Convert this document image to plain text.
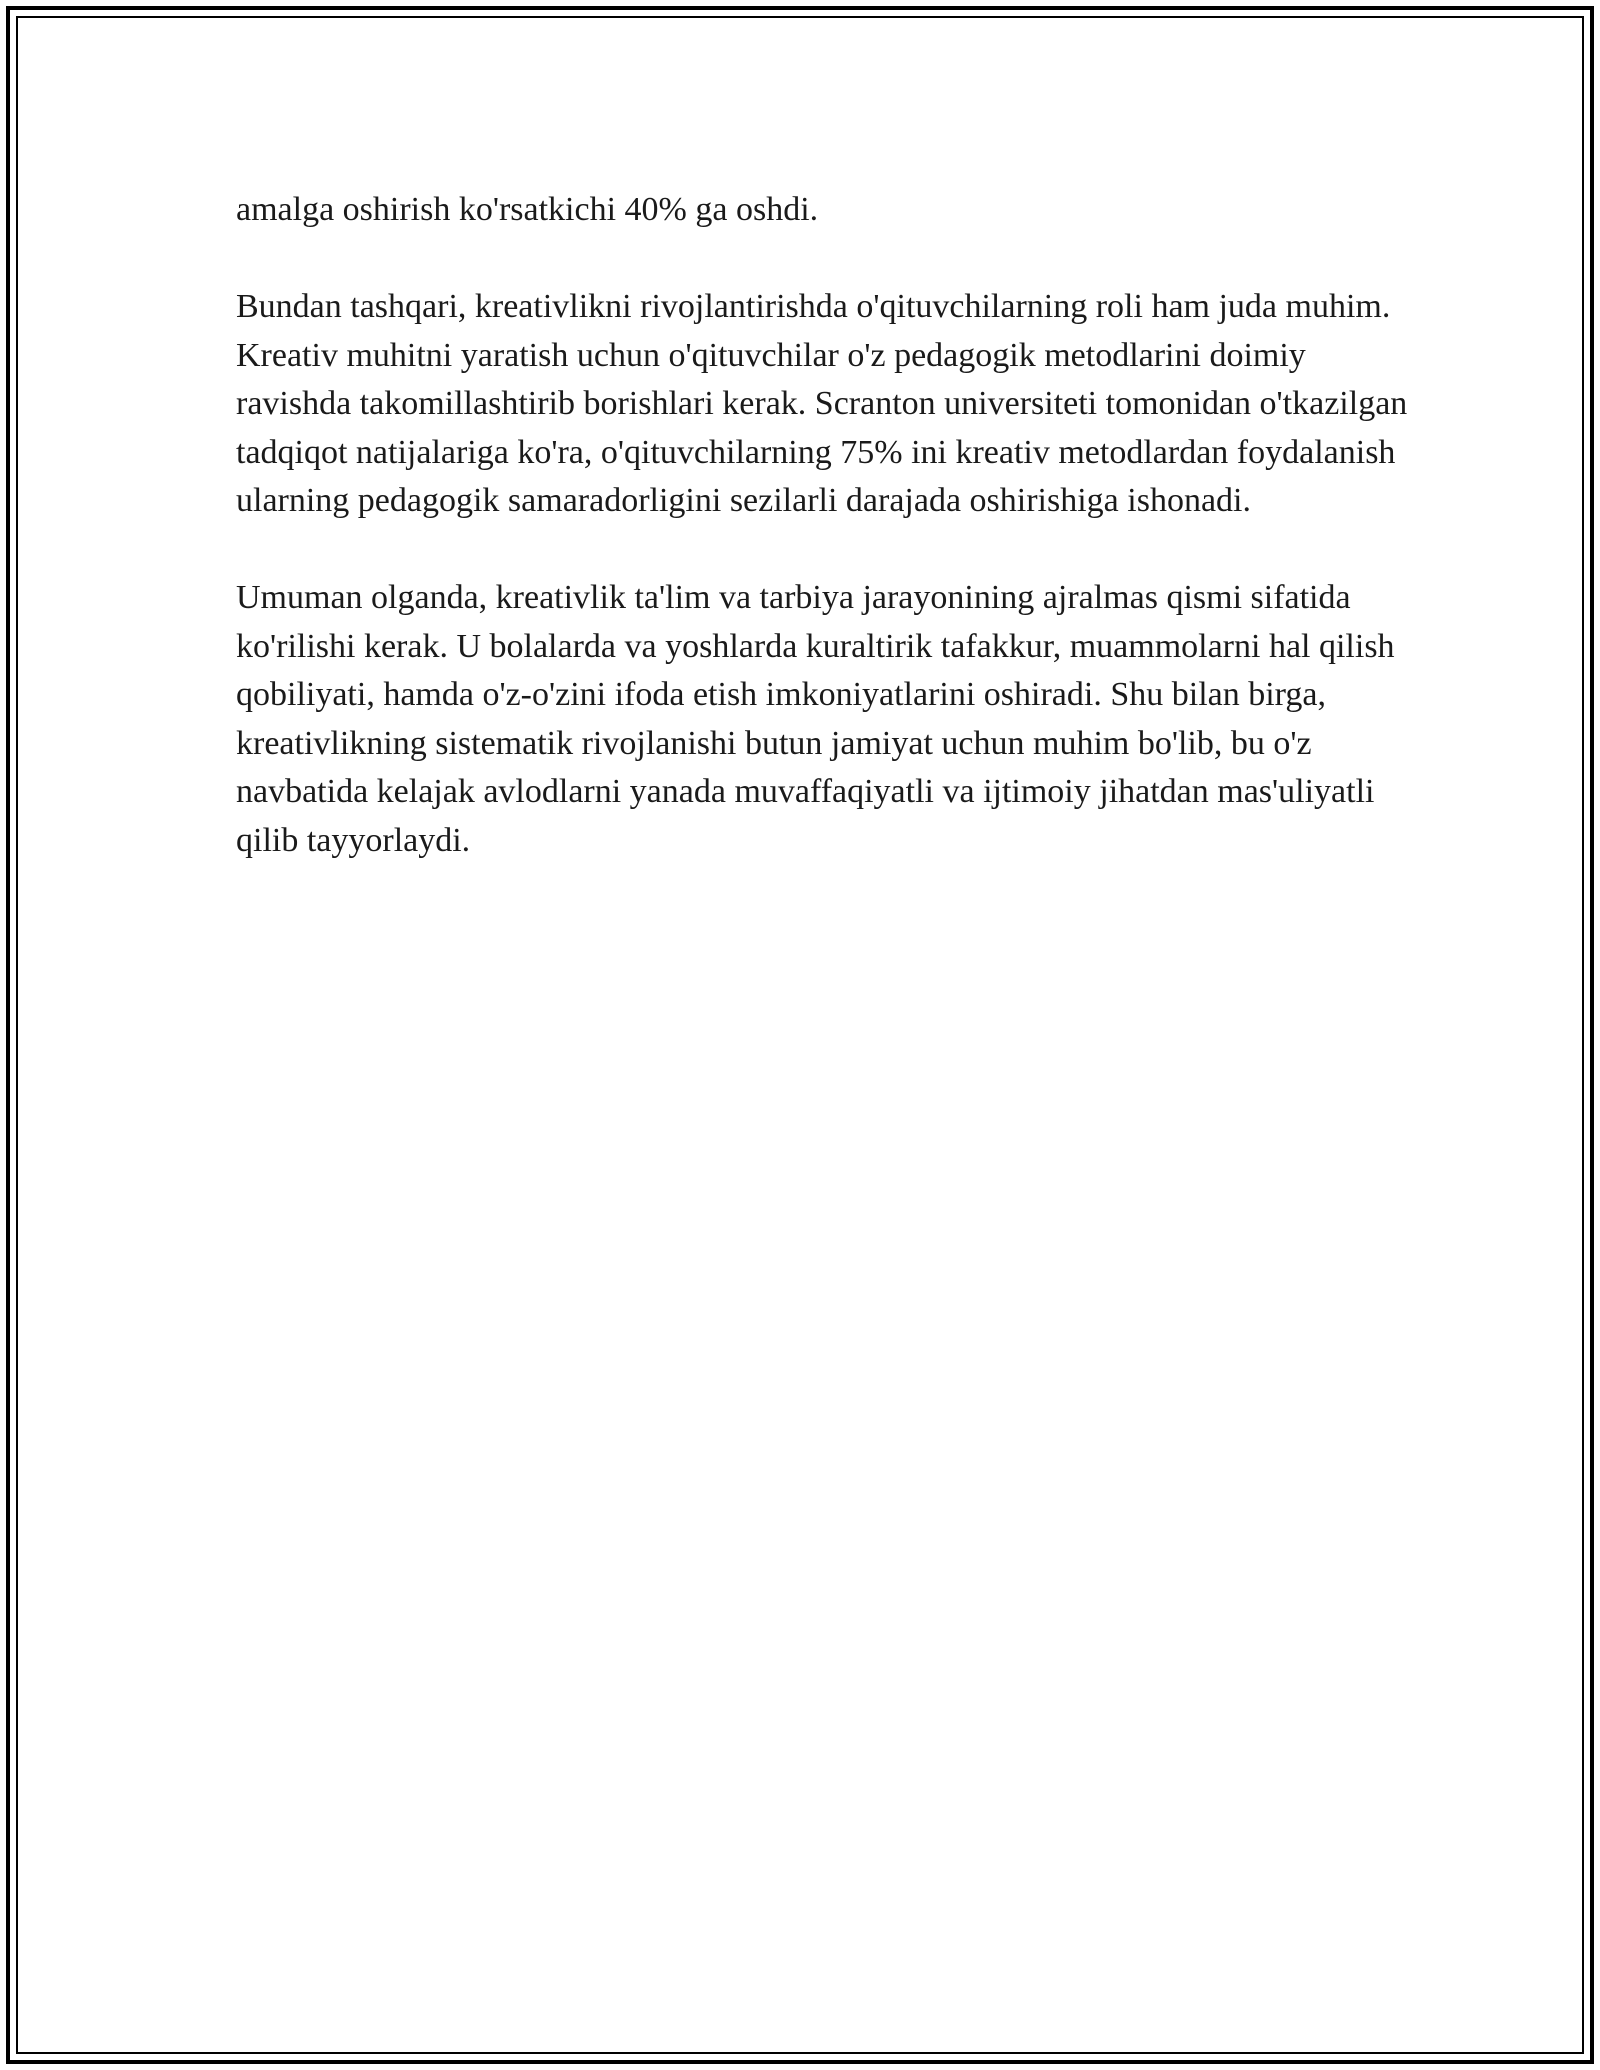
amalga oshirish ko'rsatkichi 40% ga oshdi.

Bundan tashqari, kreativlikni rivojlantirishda o'qituvchilarning roli ham juda muhim. Kreativ muhitni yaratish uchun o'qituvchilar o'z pedagogik metodlarini doimiy ravishda takomillashtirib borishlari kerak. Scranton universiteti tomonidan o'tkazilgan tadqiqot natijalariga ko'ra, o'qituvchilarning 75% ini kreativ metodlardan foydalanish ularning pedagogik samaradorligini sezilarli darajada oshirishiga ishonadi.

Umuman olganda, kreativlik ta'lim va tarbiya jarayonining ajralmas qismi sifatida ko'rilishi kerak. U bolalarda va yoshlarda kuraltirik tafakkur, muammolarni hal qilish qobiliyati, hamda o'z-o'zini ifoda etish imkoniyatlarini oshiradi. Shu bilan birga, kreativlikning sistematik rivojlanishi butun jamiyat uchun muhim bo'lib, bu o'z navbatida kelajak avlodlarni yanada muvaffaqiyatli va ijtimoiy jihatdan mas'uliyatli qilib tayyorlaydi.
